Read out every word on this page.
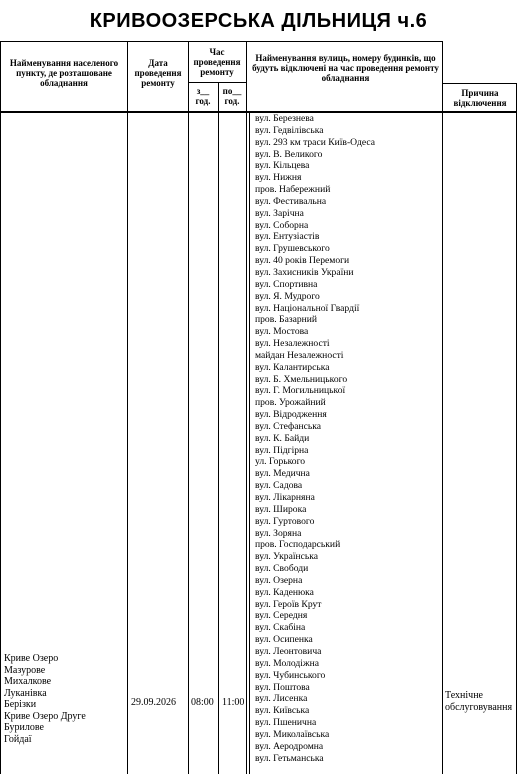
КРИВООЗЕРСЬКА ДІЛЬНИЦЯ ч.6
Найменування населеного пункту, де розташоване обладнання
Дата проведення ремонту
Час проведення ремонту
з__ год.
по__ год.
Найменування вулиць, номеру будинків, що будуть відключені на час проведення ремонту обладнання
Причина відключення
Криве Озеро
Мазурове
Михалкове
Луканівка
Берізки
Криве Озеро Друге
Бурилове
Гойдаї
29.09.2026 08:00 11:00
вул. Березнева
вул. Гедвілівська
вул. 293 км траси Київ-Одеса
вул. В. Великого
вул. Кільцева
вул. Нижня
пров. Набережний
вул. Фестивальна
вул. Зарічна
вул. Соборна
вул. Ентузіастів
вул. Грушевського
вул. 40 років Перемоги
вул. Захисників України
вул. Спортивна
вул. Я. Мудрого
вул. Національної Гвардії
пров. Базарний
вул. Мостова
вул. Незалежності
майдан Незалежності
вул. Калантирська
вул. Б. Хмельницького
вул. Г. Могильницької
пров. Урожайний
вул. Відродження
вул. Стефанська
вул. К. Байди
вул. Підгірна
ул. Горького
вул. Медична
вул. Садова
вул. Лікарняна
вул. Широка
вул. Гуртового
вул. Зоряна
пров. Господарський
вул. Українська
вул. Свободи
вул. Озерна
вул. Каденюка
вул. Героїв Крут
вул. Середня
вул. Скабіна
вул. Осипенка
вул. Леонтовича
вул. Молодіжна
вул. Чубинського
вул. Поштова
вул. Лисенка
вул. Київська
вул. Пшенична
вул. Миколаївська
вул. Аеродромна
вул. Гетьманська
Технічне обслуговування
